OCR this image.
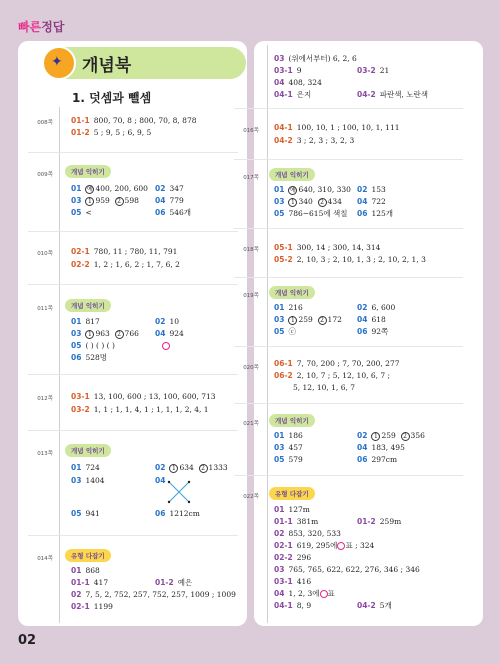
빠른정답
✦ 개념북
1. 덧셈과 뺄셈
008쪽 01-1 800, 70, 8 ; 800, 70, 8, 878
01-2 5 ; 9, 5 ; 6, 9, 5
009쪽	개념 익히기
01 예 400, 200, 600 02 347
03 1 959 2 598 04 779
05 <	06 546개
010쪽 02-1 780, 11 ; 780, 11, 791
02-2 1, 2 ; 1, 6, 2 ; 1, 7, 6, 2
011쪽	개념 익히기
01 817	02 10
03 1 963 2 766 04 924
05 ( ) ( ) ( )
06 528명
012쪽 03-1 13, 100, 600 ; 13, 100, 600, 713
03-2 1, 1 ; 1, 1, 4, 1 ; 1, 1, 1, 2, 4, 1
013쪽	개념 익히기
01 724	02 1 634 2 1333
03 1404	04
05 941	06 1212cm
014쪽	유형 다잡기
01 868
01-1 417	01-2 예은
02 7, 5, 2, 752, 257, 752, 257, 1009 ; 1009
02-1 1199
03 (위에서부터) 6, 2, 6
03-1 9	03-2 21
04 408, 324
04-1 은지	04-2 파란색, 노란색
016쪽 04-1 100, 10, 1 ; 100, 10, 1, 111
04-2 3 ; 2, 3 ; 3, 2, 3
017쪽	개념 익히기
01 예 640, 310, 330 02 153
03 1 340 2 434 04 722
05 786−615에 색칠 06 125개
018쪽 05-1 300, 14 ; 300, 14, 314
05-2 2, 10, 3 ; 2, 10, 1, 3 ; 2, 10, 2, 1, 3
019쪽	개념 익히기
01 216	02 6, 600
03 1 259 2 172 04 618
05 ⓒ	06 92쪽
020쪽 06-1 7, 70, 200 ; 7, 70, 200, 277
06-2 2, 10, 7 ; 5, 12, 10, 6, 7 ;
5, 12, 10, 1, 6, 7
021쪽	개념 익히기
01 186	02 1 259 2 356
03 457	04 183, 495
05 579	06 297cm
022쪽	유형 다잡기
01 127m
01-1 381m	01-2 259m
02 853, 320, 533
02-1 619, 295에○표 ; 324
02-2 296
03 765, 765, 622, 622, 276, 346 ; 346
03-1 416
04 1, 2, 3에○표
04-1 8, 9	04-2 5개
02
